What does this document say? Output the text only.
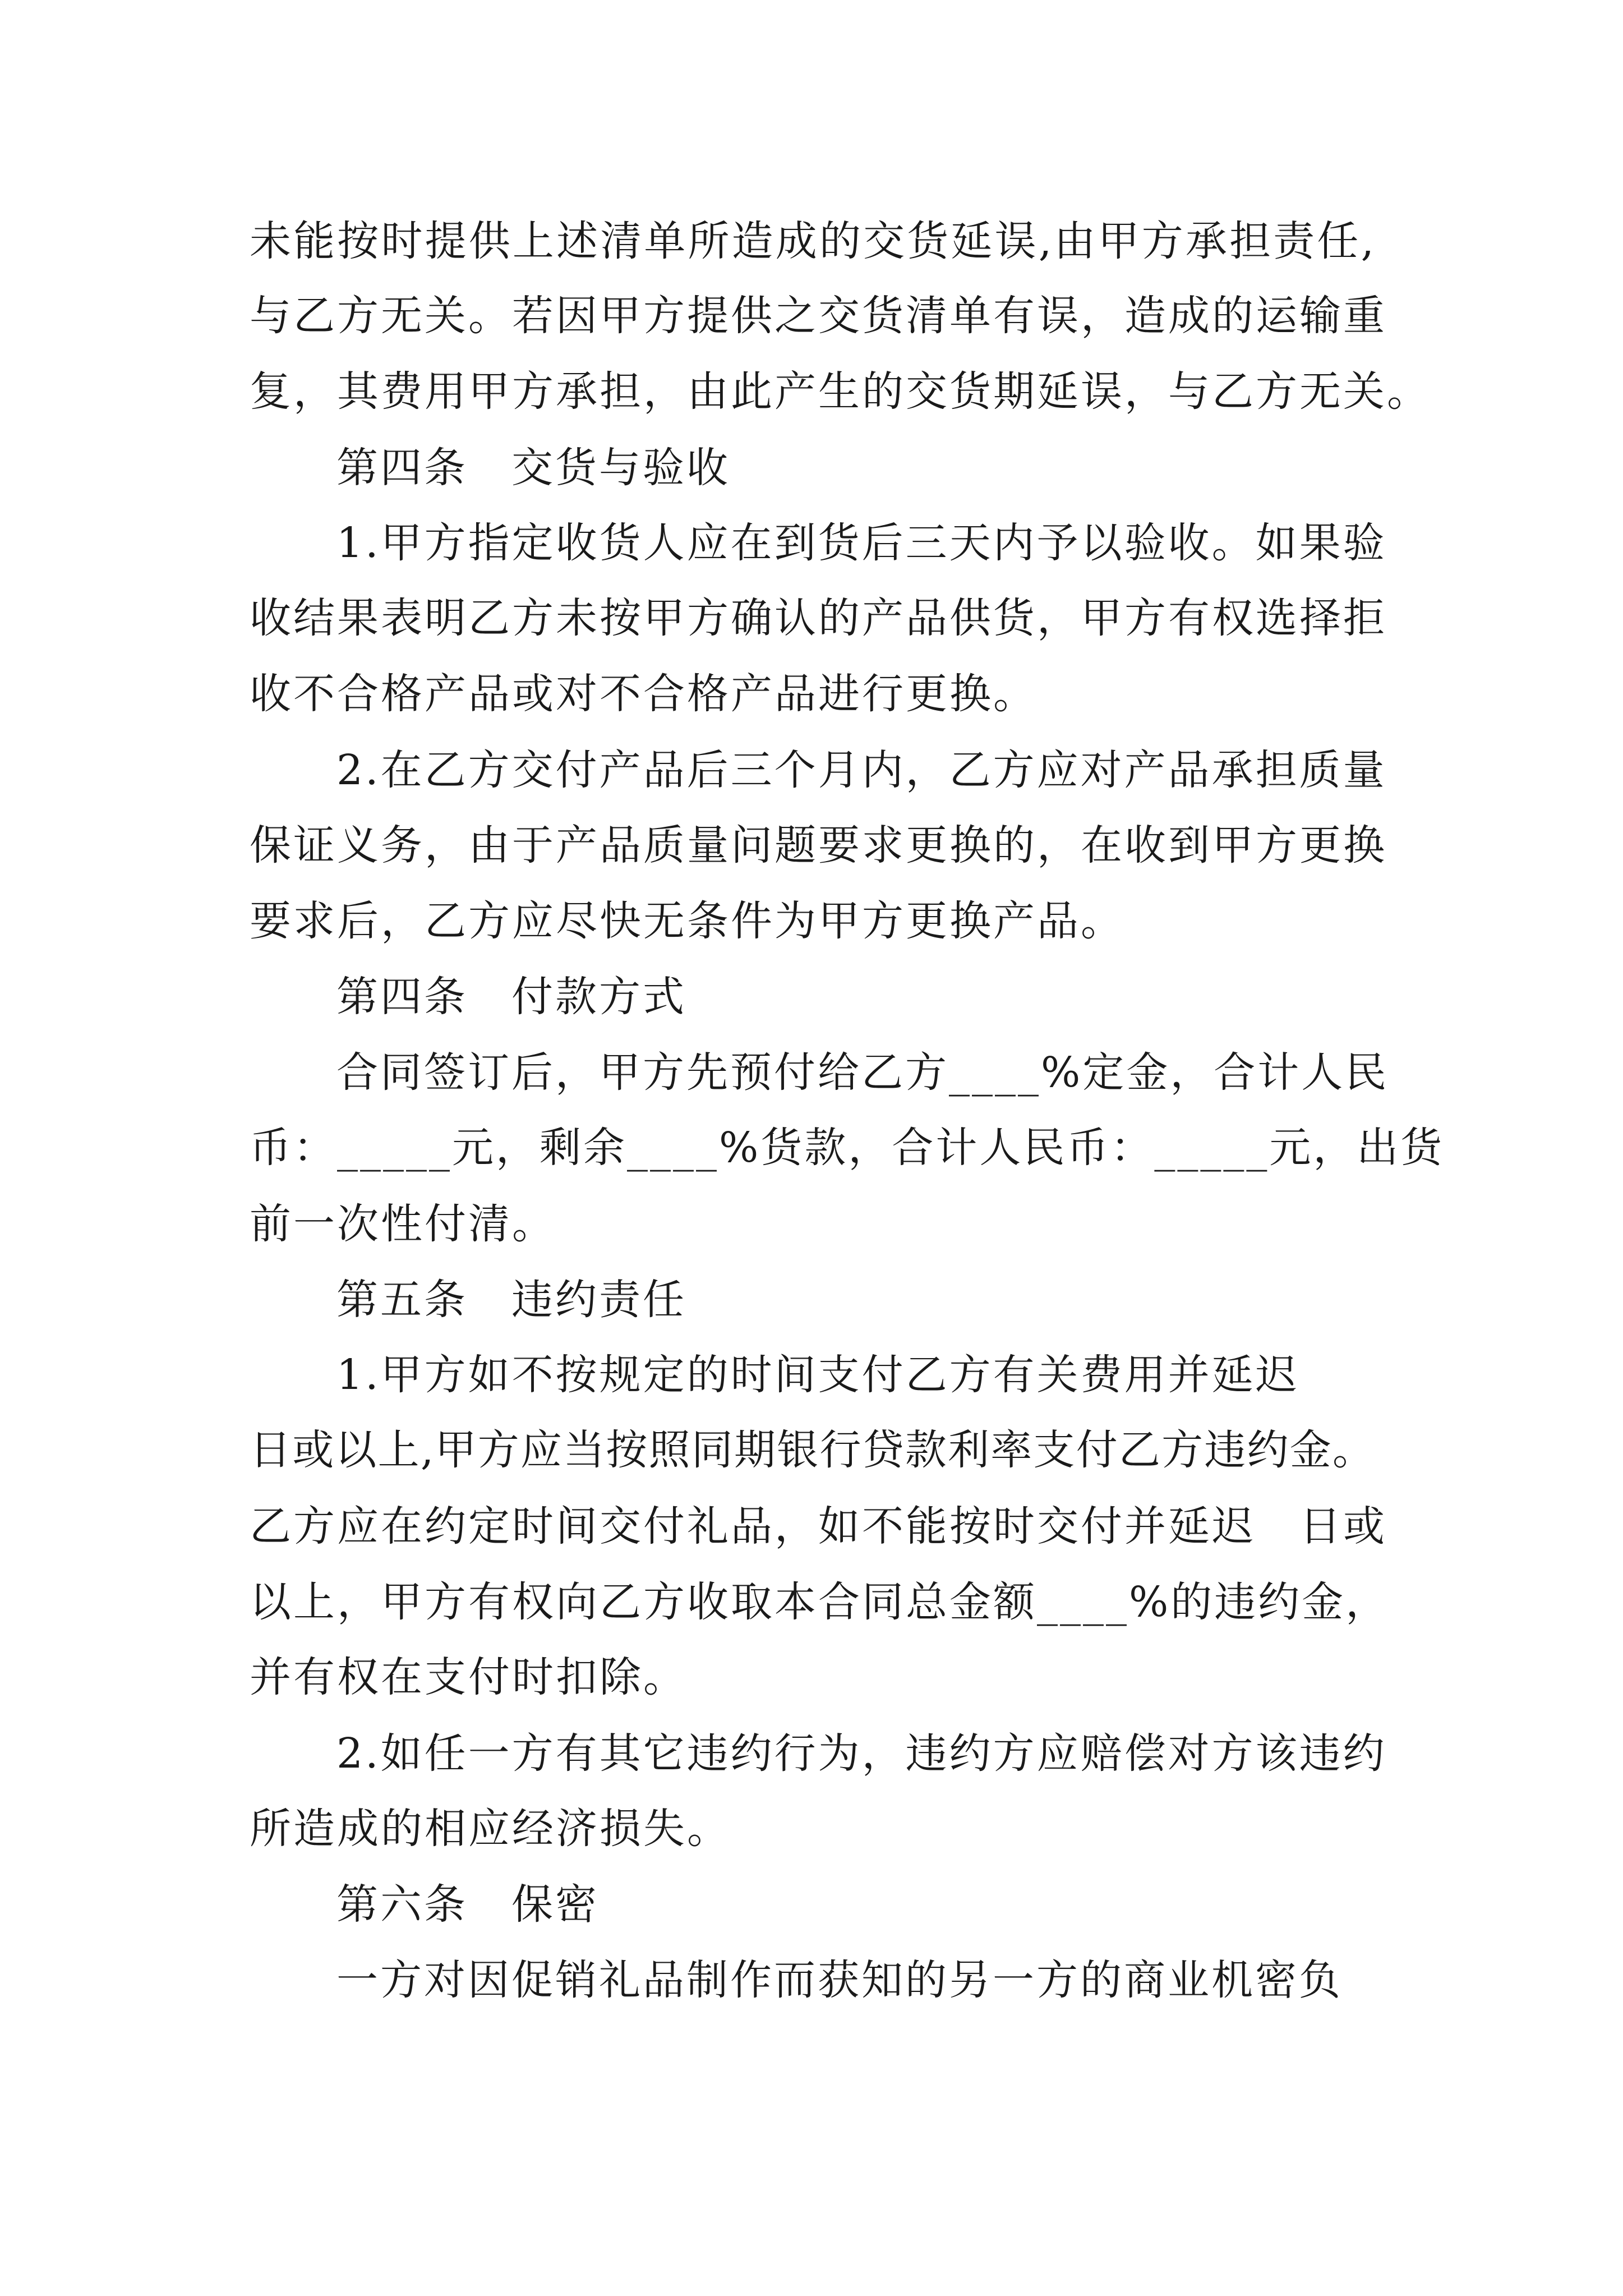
未能按时提供上述清单所造成的交货延误,由甲方承担责任,
与乙方无关。若因甲方提供之交货清单有误，造成的运输重
复，其费用甲方承担，由此产生的交货期延误，与乙方无关。
第四条　交货与验收
1.甲方指定收货人应在到货后三天内予以验收。如果验
收结果表明乙方未按甲方确认的产品供货，甲方有权选择拒
收不合格产品或对不合格产品进行更换。
2.在乙方交付产品后三个月内，乙方应对产品承担质量
保证义务，由于产品质量问题要求更换的，在收到甲方更换
要求后，乙方应尽快无条件为甲方更换产品。
第四条　付款方式
合同签订后，甲方先预付给乙方____%定金，合计人民
币：_____元，剩余____%货款，合计人民币：_____元，出货
前一次性付清。
第五条　违约责任
1.甲方如不按规定的时间支付乙方有关费用并延迟
日或以上,甲方应当按照同期银行贷款利率支付乙方违约金。
乙方应在约定时间交付礼品，如不能按时交付并延迟　日或
以上，甲方有权向乙方收取本合同总金额____%的违约金，
并有权在支付时扣除。
2.如任一方有其它违约行为，违约方应赔偿对方该违约
所造成的相应经济损失。
第六条　保密
一方对因促销礼品制作而获知的另一方的商业机密负
